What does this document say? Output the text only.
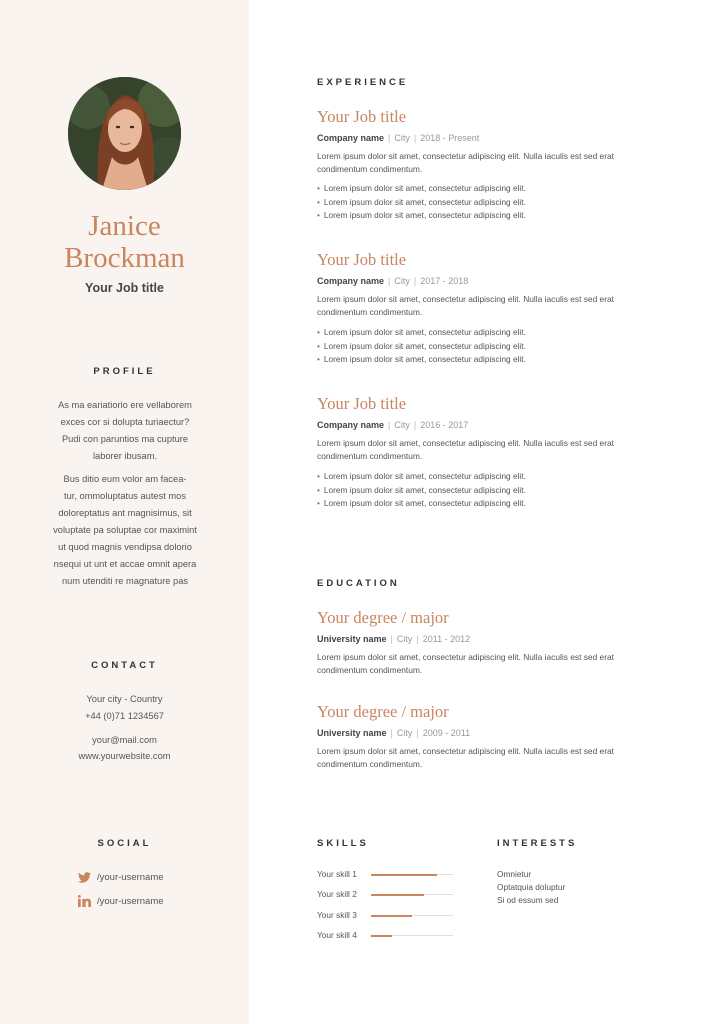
Janice
Brockman
Your Job title
PROFILE
As ma eariatiorio ere vellaborem
exces cor si dolupta turiaectur?
Pudi con paruntios ma cupture
laborer ibusam.
Bus ditio eum volor am facea-
tur, ommoluptatus autest mos
doloreptatus ant magnisimus, sit
voluptate pa soluptae cor maximint
ut quod magnis vendipsa dolorio
nsequi ut unt et accae omnit apera
num utenditi re magnature pas
CONTACT
Your city - Country
+44 (0)71 1234567
your@mail.com
www.yourwebsite.com
SOCIAL
/your-username
/your-username
EXPERIENCE
Your Job title
Company name | City | 2018 - Present
Lorem ipsum dolor sit amet, consectetur adipiscing elit. Nulla iaculis est sed erat
condimentum condimentum.
• Lorem ipsum dolor sit amet, consectetur adipiscing elit.
• Lorem ipsum dolor sit amet, consectetur adipiscing elit.
• Lorem ipsum dolor sit amet, consectetur adipiscing elit.
Your Job title
Company name | City | 2017 - 2018
Lorem ipsum dolor sit amet, consectetur adipiscing elit. Nulla iaculis est sed erat
condimentum condimentum.
• Lorem ipsum dolor sit amet, consectetur adipiscing elit.
• Lorem ipsum dolor sit amet, consectetur adipiscing elit.
• Lorem ipsum dolor sit amet, consectetur adipiscing elit.
Your Job title
Company name | City | 2016 - 2017
Lorem ipsum dolor sit amet, consectetur adipiscing elit. Nulla iaculis est sed erat
condimentum condimentum.
• Lorem ipsum dolor sit amet, consectetur adipiscing elit.
• Lorem ipsum dolor sit amet, consectetur adipiscing elit.
• Lorem ipsum dolor sit amet, consectetur adipiscing elit.
EDUCATION
Your degree / major
University name | City | 2011 - 2012
Lorem ipsum dolor sit amet, consectetur adipiscing elit. Nulla iaculis est sed erat
condimentum condimentum.
Your degree / major
University name | City | 2009 - 2011
Lorem ipsum dolor sit amet, consectetur adipiscing elit. Nulla iaculis est sed erat
condimentum condimentum.
SKILLS
Your skill 1
Your skill 2
Your skill 3
Your skill 4
INTERESTS
Omnietur
Optatquia doluptur
Si od essum sed
